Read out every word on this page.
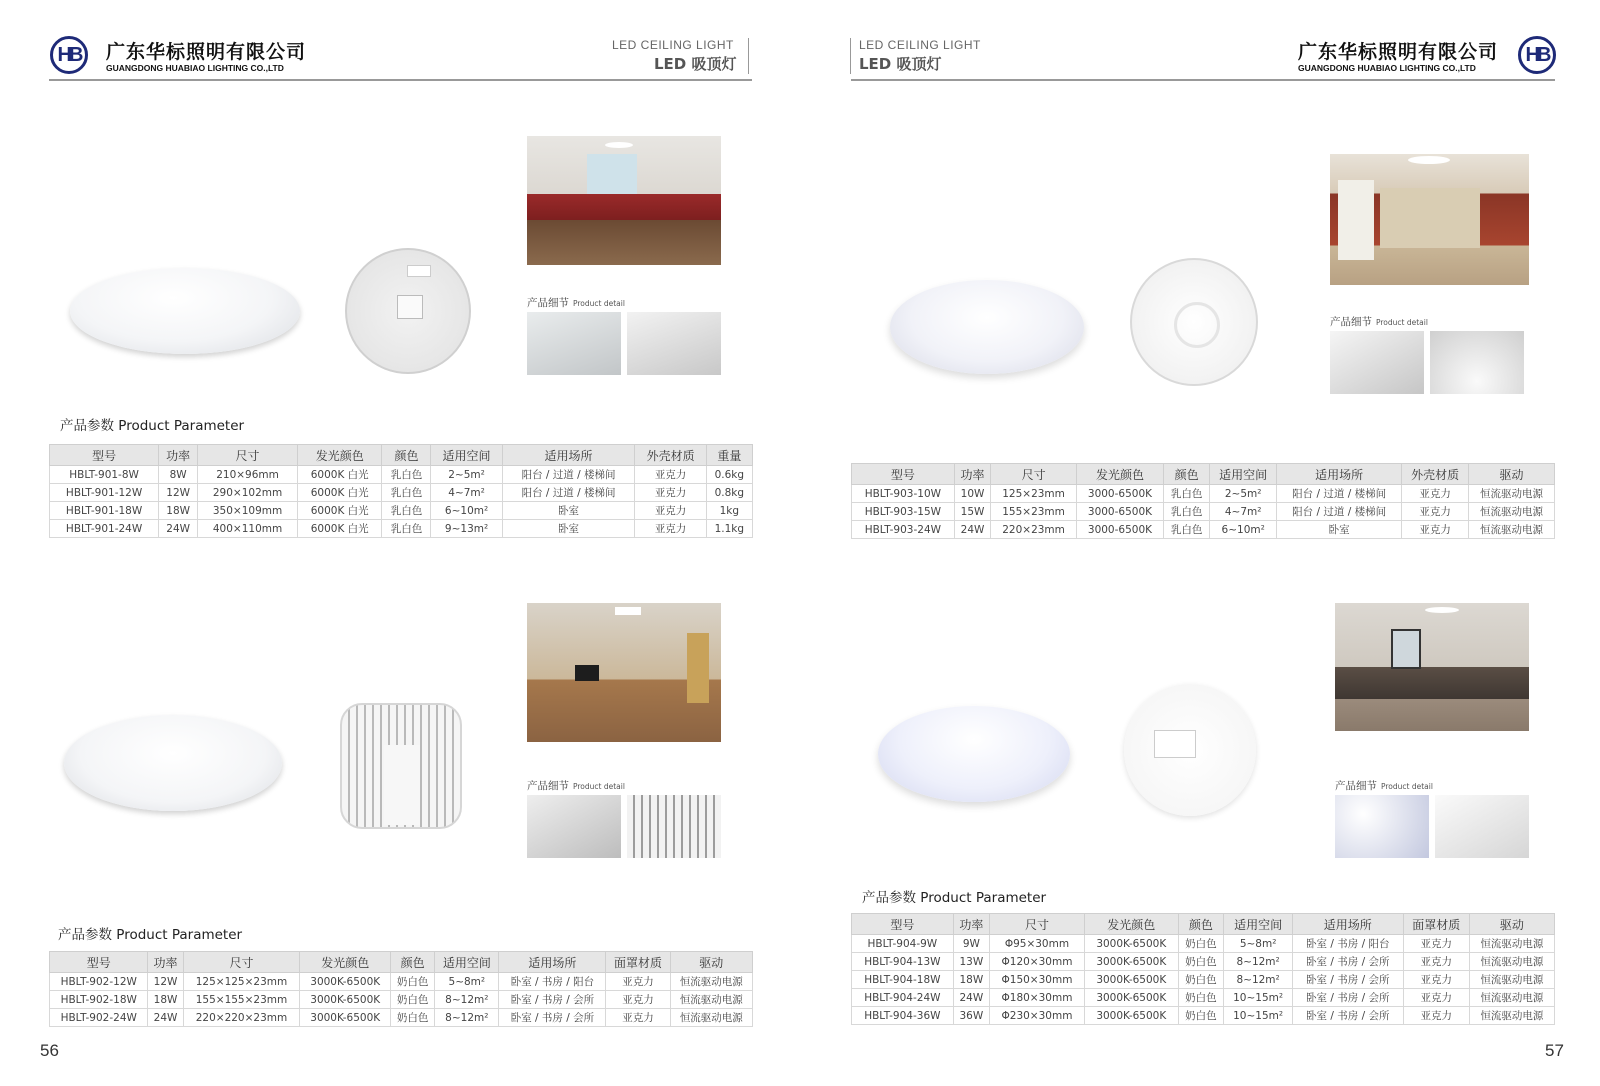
HB 广东华标照明有限公司
GUANGDONG HUABIAO LIGHTING CO.,LTD
LED CEILING LIGHT
LED 吸顶灯
LED CEILING LIGHT
LED 吸顶灯
广东华标照明有限公司
GUANGDONG HUABIAO LIGHTING CO.,LTD
HB
产品细节 Product detail
产品参数 Product Parameter
型号	功率	尺寸	发光颜色	颜色	适用空间	适用场所	外壳材质	重量
HBLT-901-8W	8W	210×96mm	6000K 白光	乳白色	2~5m²	阳台 / 过道 / 楼梯间	亚克力	0.6kg
HBLT-901-12W	12W	290×102mm	6000K 白光	乳白色	4~7m²	阳台 / 过道 / 楼梯间	亚克力	0.8kg
HBLT-901-18W	18W	350×109mm	6000K 白光	乳白色	6~10m²	卧室	亚克力	1kg
HBLT-901-24W	24W	400×110mm	6000K 白光	乳白色	9~13m²	卧室	亚克力	1.1kg
产品细节 Product detail
产品参数 Product Parameter
型号	功率	尺寸	发光颜色	颜色	适用空间	适用场所	面罩材质	驱动
HBLT-902-12W	12W	125×125×23mm	3000K-6500K	奶白色	5~8m²	卧室 / 书房 / 阳台	亚克力	恒流驱动电源
HBLT-902-18W	18W	155×155×23mm	3000K-6500K	奶白色	8~12m²	卧室 / 书房 / 会所	亚克力	恒流驱动电源
HBLT-902-24W	24W	220×220×23mm	3000K-6500K	奶白色	8~12m²	卧室 / 书房 / 会所	亚克力	恒流驱动电源
56
产品细节 Product detail
型号	功率	尺寸	发光颜色	颜色	适用空间	适用场所	外壳材质	驱动
HBLT-903-10W	10W	125×23mm	3000-6500K	乳白色	2~5m²	阳台 / 过道 / 楼梯间	亚克力	恒流驱动电源
HBLT-903-15W	15W	155×23mm	3000-6500K	乳白色	4~7m²	阳台 / 过道 / 楼梯间	亚克力	恒流驱动电源
HBLT-903-24W	24W	220×23mm	3000-6500K	乳白色	6~10m²	卧室	亚克力	恒流驱动电源
产品细节 Product detail
产品参数 Product Parameter
型号	功率	尺寸	发光颜色	颜色	适用空间	适用场所	面罩材质	驱动
HBLT-904-9W	9W	Φ95×30mm	3000K-6500K	奶白色	5~8m²	卧室 / 书房 / 阳台	亚克力	恒流驱动电源
HBLT-904-13W	13W	Φ120×30mm	3000K-6500K	奶白色	8~12m²	卧室 / 书房 / 会所	亚克力	恒流驱动电源
HBLT-904-18W	18W	Φ150×30mm	3000K-6500K	奶白色	8~12m²	卧室 / 书房 / 会所	亚克力	恒流驱动电源
HBLT-904-24W	24W	Φ180×30mm	3000K-6500K	奶白色	10~15m²	卧室 / 书房 / 会所	亚克力	恒流驱动电源
HBLT-904-36W	36W	Φ230×30mm	3000K-6500K	奶白色	10~15m²	卧室 / 书房 / 会所	亚克力	恒流驱动电源
57
